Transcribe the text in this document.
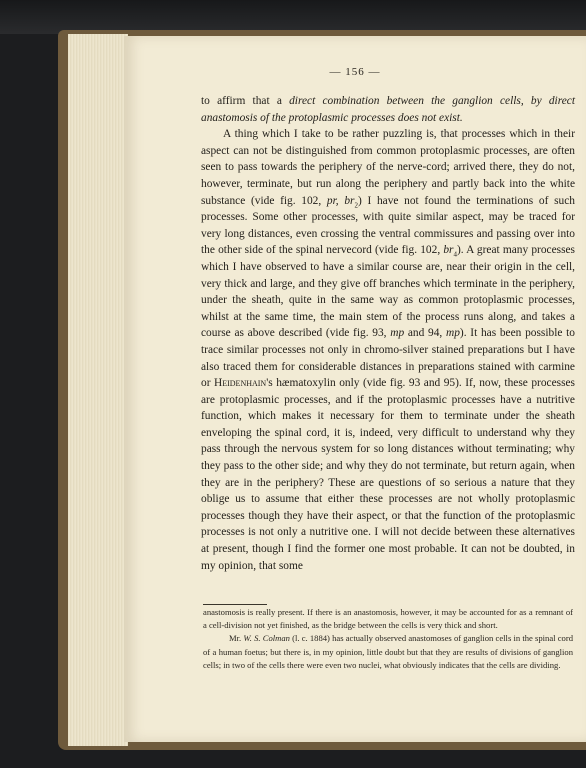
— 156 —

to affirm that a direct combination between the ganglion cells, by direct anastomosis of the protoplasmic processes does not exist.

A thing which I take to be rather puzzling is, that processes which in their aspect can not be distinguished from common protoplasmic processes, are often seen to pass towards the periphery of the nerve-cord; arrived there, they do not, however, terminate, but run along the periphery and partly back into the white substance (vide fig. 102, pr, $br_2$) I have not found the terminations of such processes. Some other processes, with quite similar aspect, may be traced for very long distances, even crossing the ventral commissures and passing over into the other side of the spinal nervecord (vide fig. 102, $br_4$). A great many processes which I have observed to have a similar course are, near their origin in the cell, very thick and large, and they give off branches which terminate in the periphery, under the sheath, quite in the same way as common protoplasmic processes, whilst at the same time, the main stem of the process runs along, and takes a course as above described (vide fig. 93, mp and 94, mp). It has been possible to trace similar processes not only in chromo-silver stained preparations but I have also traced them for considerable distances in preparations stained with carmine or Heidenhain's hæmatoxylin only (vide fig. 93 and 95). If, now, these processes are protoplasmic processes, and if the protoplasmic processes have a nutritive function, which makes it necessary for them to terminate under the sheath enveloping the spinal cord, it is, indeed, very difficult to understand why they pass through the nervous system for so long distances without terminating; why they pass to the other side; and why they do not terminate, but return again, when they are in the periphery? These are questions of so serious a nature that they oblige us to assume that either these processes are not wholly protoplasmic processes though they have their aspect, or that the function of the protoplasmic processes is not only a nutritive one. I will not decide between these alternatives at present, though I find the former one most probable. It can not be doubted, in my opinion, that some

anastomosis is really present. If there is an anastomosis, however, it may be accounted for as a remnant of a cell-division not yet finished, as the bridge between the cells is very thick and short.

Mr. W. S. Colman (l. c. 1884) has actually observed anastomoses of ganglion cells in the spinal cord of a human foetus; but there is, in my opinion, little doubt but that they are results of divisions of ganglion cells; in two of the cells there were even two nuclei, what obviously indicates that the cells are dividing.
